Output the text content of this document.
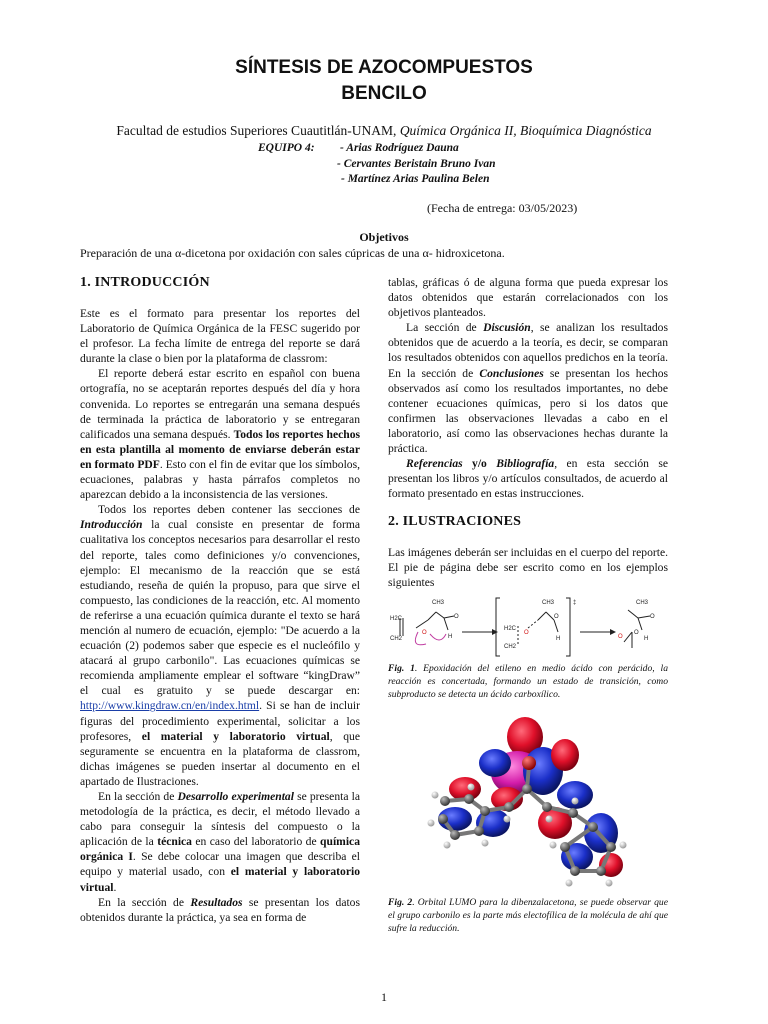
SÍNTESIS DE AZOCOMPUESTOS
BENCILO
Facultad de estudios Superiores Cuautitlán-UNAM, Química Orgánica II, Bioquímica Diagnóstica
EQUIPO 4: - Arias Rodríguez Dauna
- Cervantes Beristain Bruno Ivan
- Martínez Arias Paulina Belen
(Fecha de entrega: 03/05/2023)
Objetivos
Preparación de una α-dicetona por oxidación con sales cúpricas de una α- hidroxicetona.
1. INTRODUCCIÓN

Este es el formato para presentar los reportes del Laboratorio de Química Orgánica de la FESC sugerido por el profesor. La fecha límite de entrega del reporte se dará durante la clase o bien por la plataforma de classrom:

El reporte deberá estar escrito en español con buena ortografía, no se aceptarán reportes después del día y hora convenida. Lo reportes se entregarán una semana después de terminada la práctica de laboratorio y se entregaran calificados una semana después. Todos los reportes hechos en esta plantilla al momento de enviarse deberán estar en formato PDF. Esto con el fin de evitar que los símbolos, ecuaciones, palabras y hasta párrafos completos no aparezcan debido a la inconsistencia de las versiones.

Todos los reportes deben contener las secciones de Introducción la cual consiste en presentar de forma cualitativa los conceptos necesarios para desarrollar el resto del reporte, tales como definiciones y/o convenciones, ejemplo: El mecanismo de la reacción que se está estudiando, reseña de quién la propuso, para que sirve el compuesto, las condiciones de la reacción, etc. Al momento de referirse a una ecuación química durante el texto se hará mención al numero de ecuación, ejemplo: "De acuerdo a la ecuación (2) podemos saber que especie es el nucleófilo y atacará al grupo carbonilo". Las ecuaciones químicas se recomienda ampliamente emplear el software “kingDraw” el cual es gratuito y se puede descargar en: http://www.kingdraw.cn/en/index.html. Si se han de incluir figuras del procedimiento experimental, solicitar a los profesores, el material y laboratorio virtual, que seguramente se encuentra en la plataforma de classrom, dichas imágenes se pueden insertar al documento en el apartado de Ilustraciones.

En la sección de Desarrollo experimental se presenta la metodología de la práctica, es decir, el método llevado a cabo para conseguir la síntesis del compuesto o la aplicación de la técnica en caso del laboratorio de química orgánica I. Se debe colocar una imagen que describa el equipo y material usado, con el material y laboratorio virtual.

En la sección de Resultados se presentan los datos obtenidos durante la práctica, ya sea en forma de

tablas, gráficas ó de alguna forma que pueda expresar los datos obtenidos que estarán correlacionados con los objetivos planteados.

La sección de Discusión, se analizan los resultados obtenidos que de acuerdo a la teoría, es decir, se comparan los resultados obtenidos con aquellos predichos en la teoría. En la sección de Conclusiones se presentan los hechos observados así como los resultados importantes, no debe contener ecuaciones químicas, pero si los datos que confirmen las observaciones llevadas a cabo en el laboratorio, así como las observaciones hechas durante la práctica.

Referencias y/o Bibliografía, en esta sección se presentan los libros y/o artículos consultados, de acuerdo al formato presentado en estas instrucciones.

2. ILUSTRACIONES
Las imágenes deberán ser incluidas en el cuerpo del reporte. El pie de página debe ser escrito como en los ejemplos siguientes
CH3
O
O
H
H2C
CH2
CH3
O
O
H
H2C
CH2
‡	CH3
O
O
H
O
Fig. 1. Epoxidación del etileno en medio ácido con perácido, la reacción es concertada, formando un estado de transición, como subproducto se detecta un ácido carboxílico.
Fig. 2. Orbital LUMO para la dibenzalacetona, se puede observar que el grupo carbonilo es la parte más electofílica de la molécula de ahí que sufre la reducción.
1
